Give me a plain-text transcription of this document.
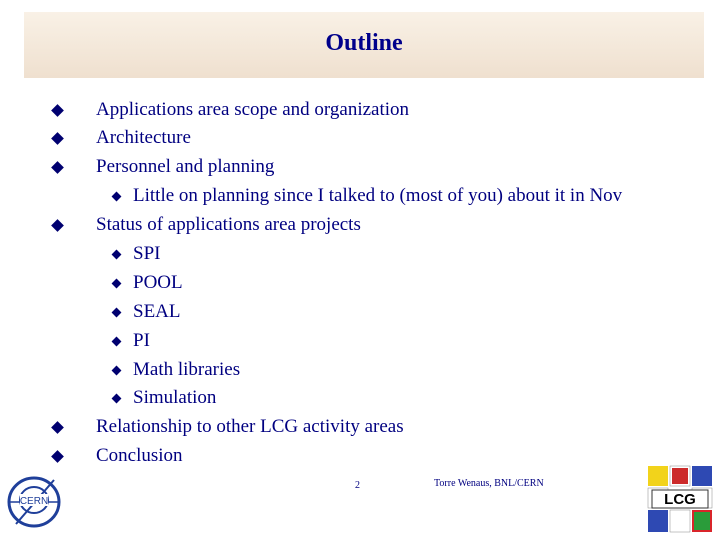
Outline
Applications area scope and organization
Architecture
Personnel and planning
Little on planning since I talked to (most of you) about it in Nov
Status of applications area projects
SPI
POOL
SEAL
PI
Math libraries
Simulation
Relationship to other LCG activity areas
Conclusion
CERN
2	Torre Wenaus, BNL/CERN
LCG
